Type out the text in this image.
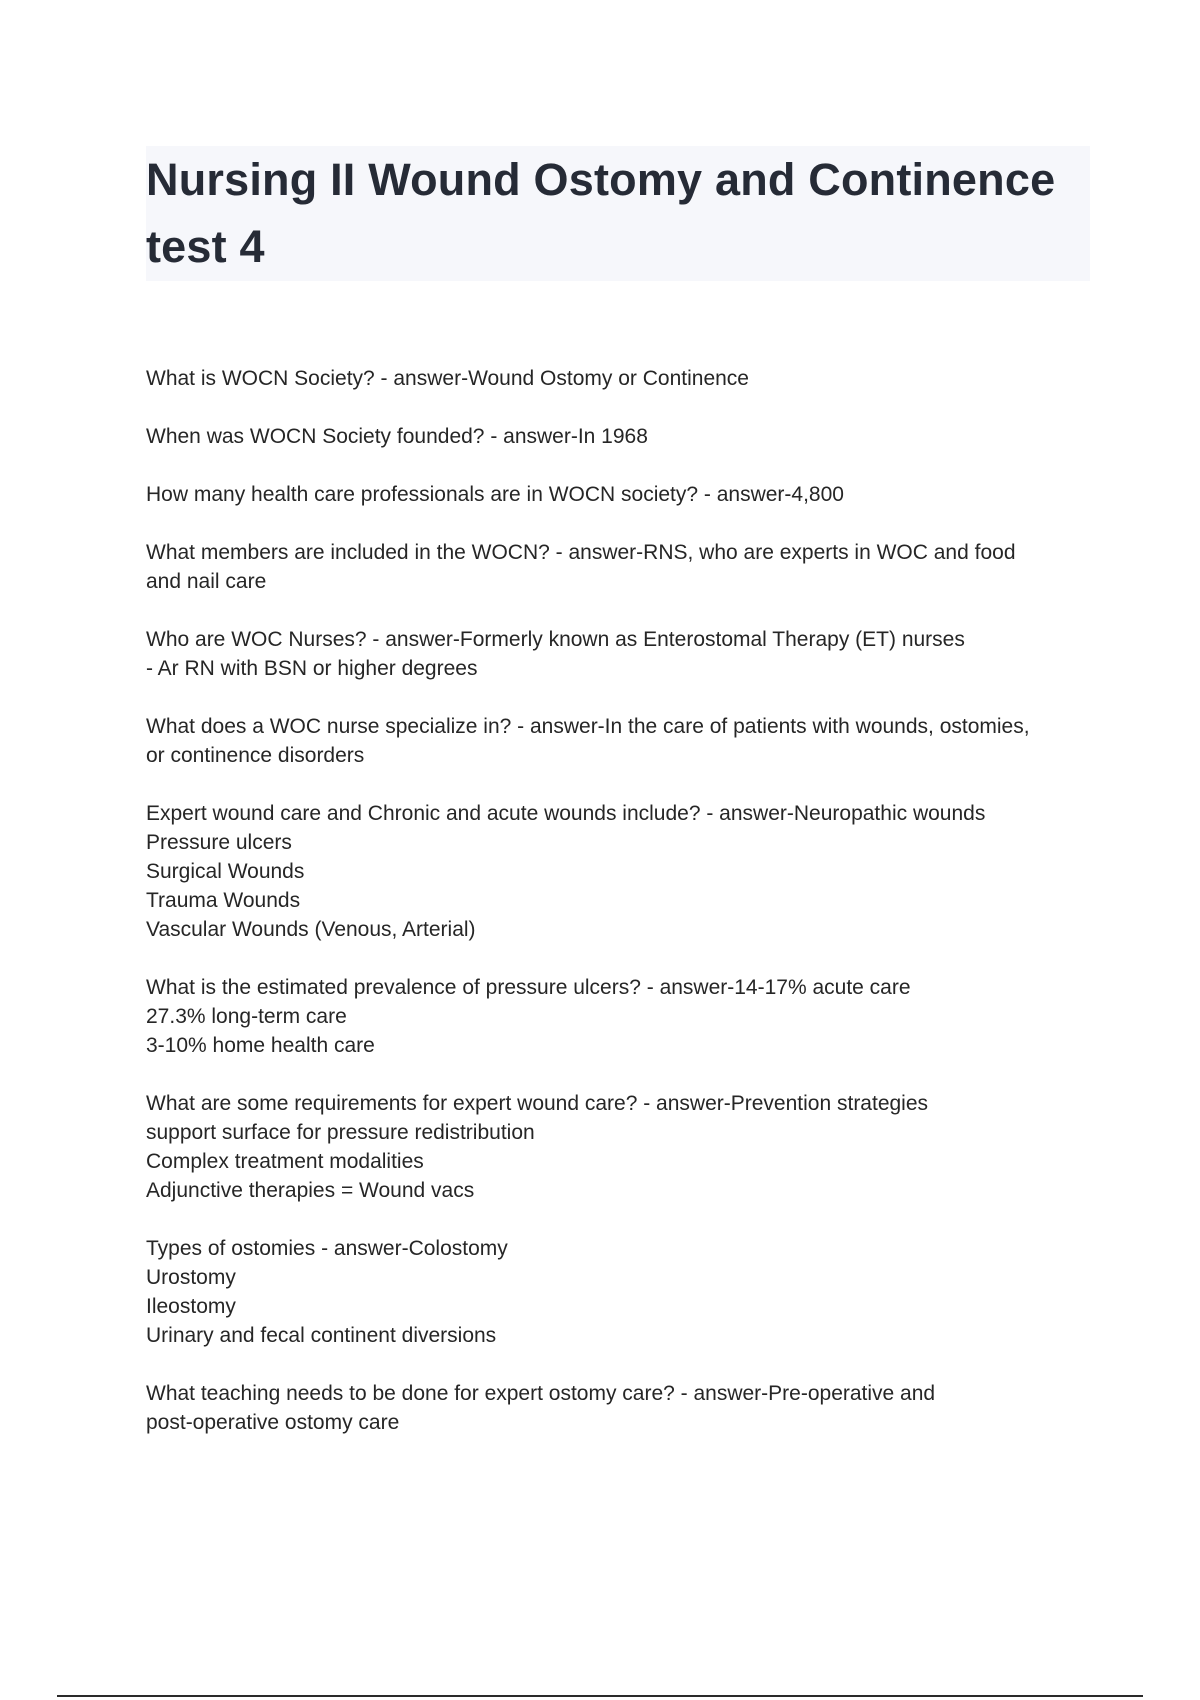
Nursing II Wound Ostomy and Continence
test 4

What is WOCN Society? - answer-Wound Ostomy or Continence

When was WOCN Society founded? - answer-In 1968

How many health care professionals are in WOCN society? - answer-4,800

What members are included in the WOCN? - answer-RNS, who are experts in WOC and food
and nail care

Who are WOC Nurses? - answer-Formerly known as Enterostomal Therapy (ET) nurses
- Ar RN with BSN or higher degrees

What does a WOC nurse specialize in? - answer-In the care of patients with wounds, ostomies,
or continence disorders

Expert wound care and Chronic and acute wounds include? - answer-Neuropathic wounds
Pressure ulcers
Surgical Wounds
Trauma Wounds
Vascular Wounds (Venous, Arterial)

What is the estimated prevalence of pressure ulcers? - answer-14-17% acute care
27.3% long-term care
3-10% home health care

What are some requirements for expert wound care? - answer-Prevention strategies
support surface for pressure redistribution
Complex treatment modalities
Adjunctive therapies = Wound vacs

Types of ostomies - answer-Colostomy
Urostomy
Ileostomy
Urinary and fecal continent diversions

What teaching needs to be done for expert ostomy care? - answer-Pre-operative and
post-operative ostomy care
